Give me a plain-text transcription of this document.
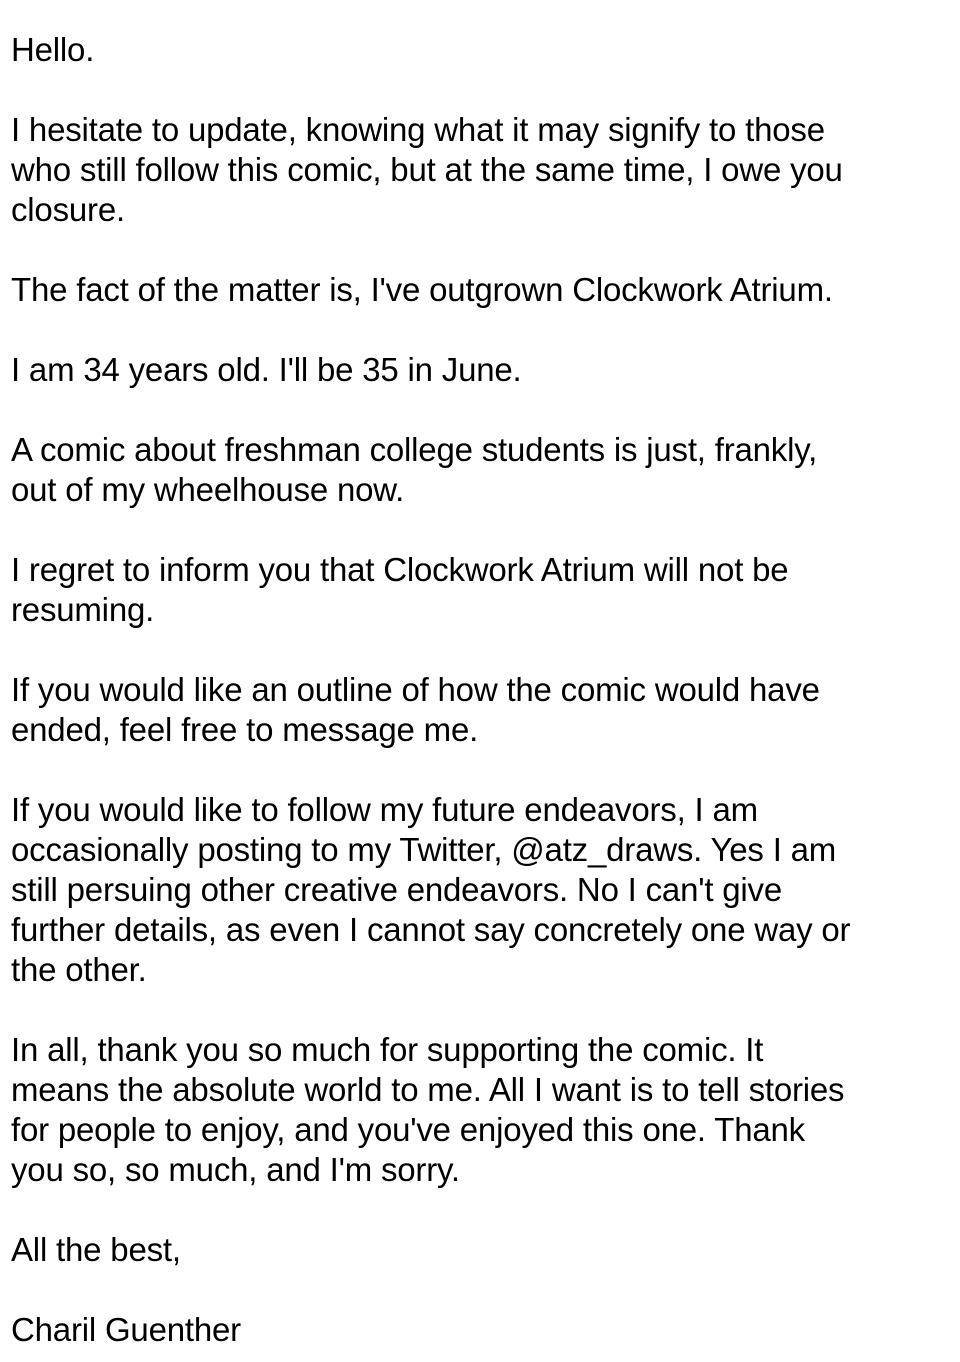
Hello.
I hesitate to update, knowing what it may signify to those
who still follow this comic, but at the same time, I owe you
closure.
The fact of the matter is, I've outgrown Clockwork Atrium.
I am 34 years old. I'll be 35 in June.
A comic about freshman college students is just, frankly,
out of my wheelhouse now.
I regret to inform you that Clockwork Atrium will not be
resuming.
If you would like an outline of how the comic would have
ended, feel free to message me.
If you would like to follow my future endeavors, I am
occasionally posting to my Twitter, @atz_draws. Yes I am
still persuing other creative endeavors. No I can't give
further details, as even I cannot say concretely one way or
the other.
In all, thank you so much for supporting the comic. It
means the absolute world to me. All I want is to tell stories
for people to enjoy, and you've enjoyed this one. Thank
you so, so much, and I'm sorry.
All the best,
Charil Guenther
